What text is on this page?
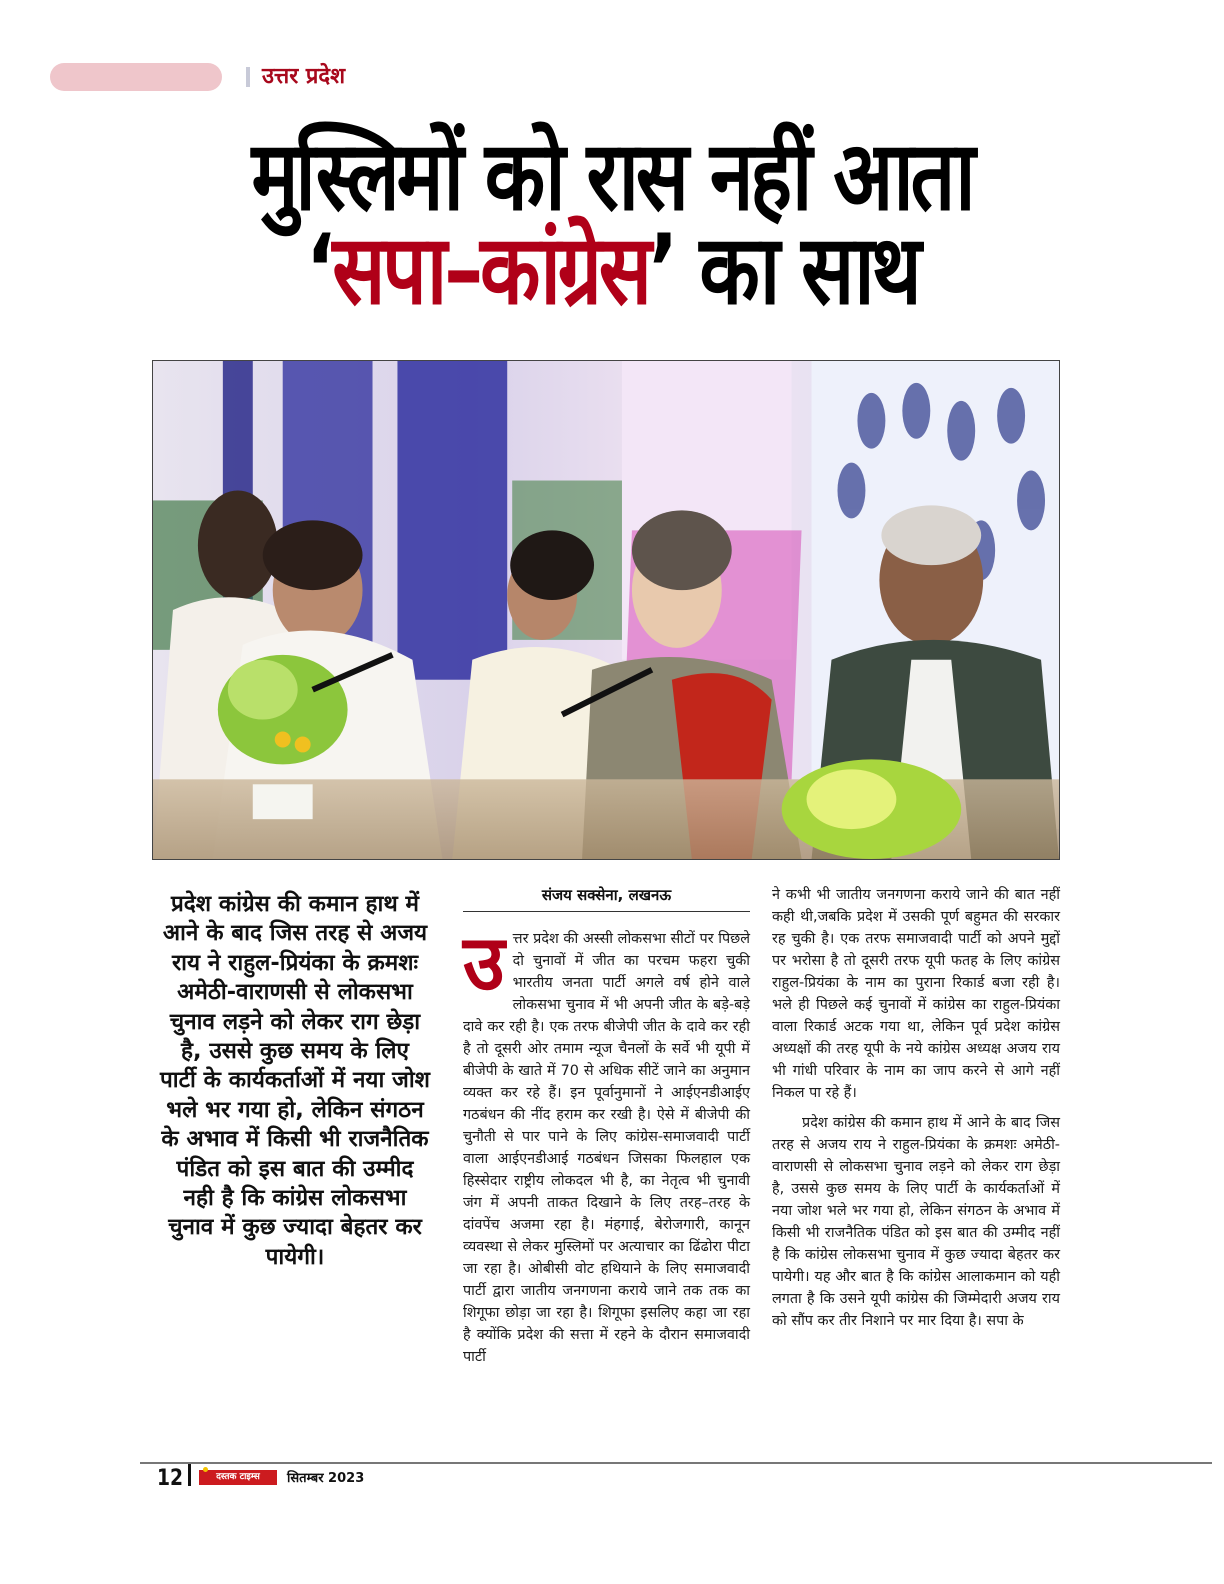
उत्तर प्रदेश
मुस्लिमों को रास नहीं आता
‘सपा–कांग्रेस’ का साथ
प्रदेश कांग्रेस की कमान हाथ में आने के बाद जिस तरह से अजय राय ने राहुल-प्रियंका के क्रमशः अमेठी-वाराणसी से लोकसभा चुनाव लड़ने को लेकर राग छेड़ा है, उससे कुछ समय के लिए पार्टी के कार्यकर्ताओं में नया जोश भले भर गया हो, लेकिन संगठन के अभाव में किसी भी राजनैतिक पंडित को इस बात की उम्मीद नही है कि कांग्रेस लोकसभा चुनाव में कुछ ज्यादा बेहतर कर पायेगी।
संजय सक्सेना, लखनऊ
उ त्तर प्रदेश की अस्सी लोकसभा सीटों पर पिछले दो चुनावों में जीत का परचम फहरा चुकी भारतीय जनता पार्टी अगले वर्ष होने वाले लोकसभा चुनाव में भी अपनी जीत के बड़े-बड़े दावे कर रही है। एक तरफ बीजेपी जीत के दावे कर रही है तो दूसरी ओर तमाम न्यूज चैनलों के सर्वे भी यूपी में बीजेपी के खाते में 70 से अधिक सीटें जाने का अनुमान व्यक्त कर रहे हैं। इन पूर्वानुमानों ने आईएनडीआईए गठबंधन की नींद हराम कर रखी है। ऐसे में बीजेपी की चुनौती से पार पाने के लिए कांग्रेस-समाजवादी पार्टी वाला आईएनडीआई गठबंधन जिसका फिलहाल एक हिस्सेदार राष्ट्रीय लोकदल भी है, का नेतृत्व भी चुनावी जंग में अपनी ताकत दिखाने के लिए तरह–तरह के दांवपेंच अजमा रहा है। मंहगाई, बेरोजगारी, कानून व्यवस्था से लेकर मुस्लिमों पर अत्याचार का ढिंढोरा पीटा जा रहा है। ओबीसी वोट हथियाने के लिए समाजवादी पार्टी द्वारा जातीय जनगणना कराये जाने तक तक का शिगूफा छोड़ा जा रहा है। शिगूफा इसलिए कहा जा रहा है क्योंकि प्रदेश की सत्ता में रहने के दौरान समाजवादी पार्टी

ने कभी भी जातीय जनगणना कराये जाने की बात नहीं कही थी,जबकि प्रदेश में उसकी पूर्ण बहुमत की सरकार रह चुकी है। एक तरफ समाजवादी पार्टी को अपने मुद्दों पर भरोसा है तो दूसरी तरफ यूपी फतह के लिए कांग्रेस राहुल-प्रियंका के नाम का पुराना रिकार्ड बजा रही है। भले ही पिछले कई चुनावों में कांग्रेस का राहुल-प्रियंका वाला रिकार्ड अटक गया था, लेकिन पूर्व प्रदेश कांग्रेस अध्यक्षों की तरह यूपी के नये कांग्रेस अध्यक्ष अजय राय भी गांधी परिवार के नाम का जाप करने से आगे नहीं निकल पा रहे हैं।

प्रदेश कांग्रेस की कमान हाथ में आने के बाद जिस तरह से अजय राय ने राहुल-प्रियंका के क्रमशः अमेठी-वाराणसी से लोकसभा चुनाव लड़ने को लेकर राग छेड़ा है, उससे कुछ समय के लिए पार्टी के कार्यकर्ताओं में नया जोश भले भर गया हो, लेकिन संगठन के अभाव में किसी भी राजनैतिक पंडित को इस बात की उम्मीद नहीं है कि कांग्रेस लोकसभा चुनाव में कुछ ज्यादा बेहतर कर पायेगी। यह और बात है कि कांग्रेस आलाकमान को यही लगता है कि उसने यूपी कांग्रेस की जिम्मेदारी अजय राय को सौंप कर तीर निशाने पर मार दिया है। सपा के

12	दस्तक टाइम्स	सितम्बर 2023
